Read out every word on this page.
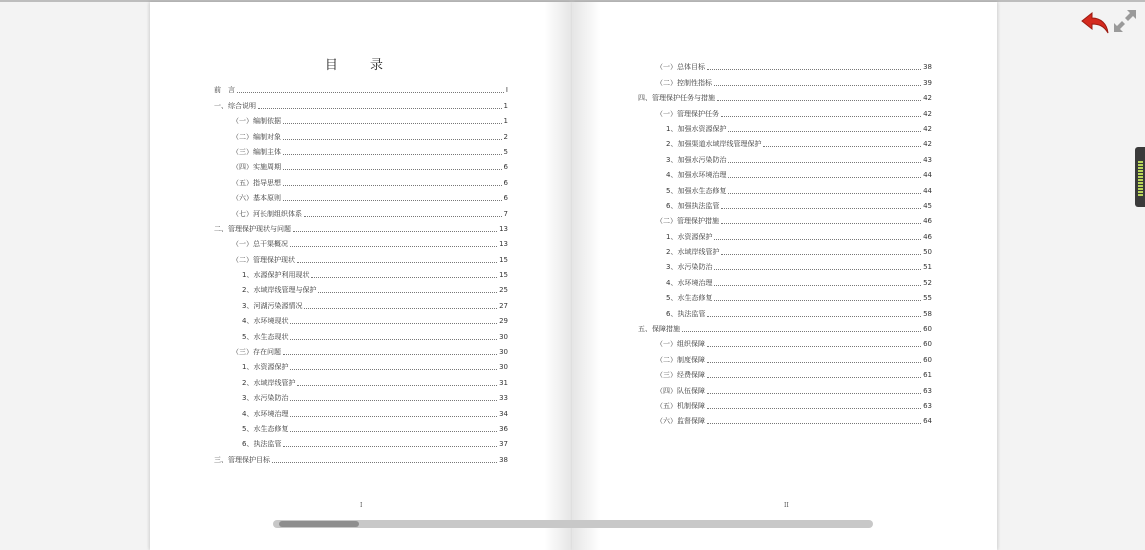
目 录
前　言	I
一、综合说明	1
（一）编制依据	1
（二）编制对象	2
（三）编制主体	5
（四）实施周期	6
（五）指导思想	6
（六）基本原则	6
（七）河长制组织体系	7
二、管理保护现状与问题	13
（一）总干渠概况	13
（二）管理保护现状	15
1、水源保护利用现状	15
2、水域岸线管理与保护	25
3、河湖污染源情况	27
4、水环境现状	29
5、水生态现状	30
（三）存在问题	30
1、水资源保护	30
2、水域岸线管护	31
3、水污染防治	33
4、水环境治理	34
5、水生态修复	36
6、执法监管	37
三、管理保护目标	38
I
（一）总体目标	38
（二）控制性指标	39
四、管理保护任务与措施	42
（一）管理保护任务	42
1、加强水资源保护	42
2、加强渠道水域岸线管理保护	42
3、加强水污染防治	43
4、加强水环境治理	44
5、加强水生态修复	44
6、加强执法监管	45
（二）管理保护措施	46
1、水资源保护	46
2、水域岸线管护	50
3、水污染防治	51
4、水环境治理	52
5、水生态修复	55
6、执法监管	58
五、保障措施	60
（一）组织保障	60
（二）制度保障	60
（三）经费保障	61
（四）队伍保障	63
（五）机制保障	63
（六）监督保障	64
II
